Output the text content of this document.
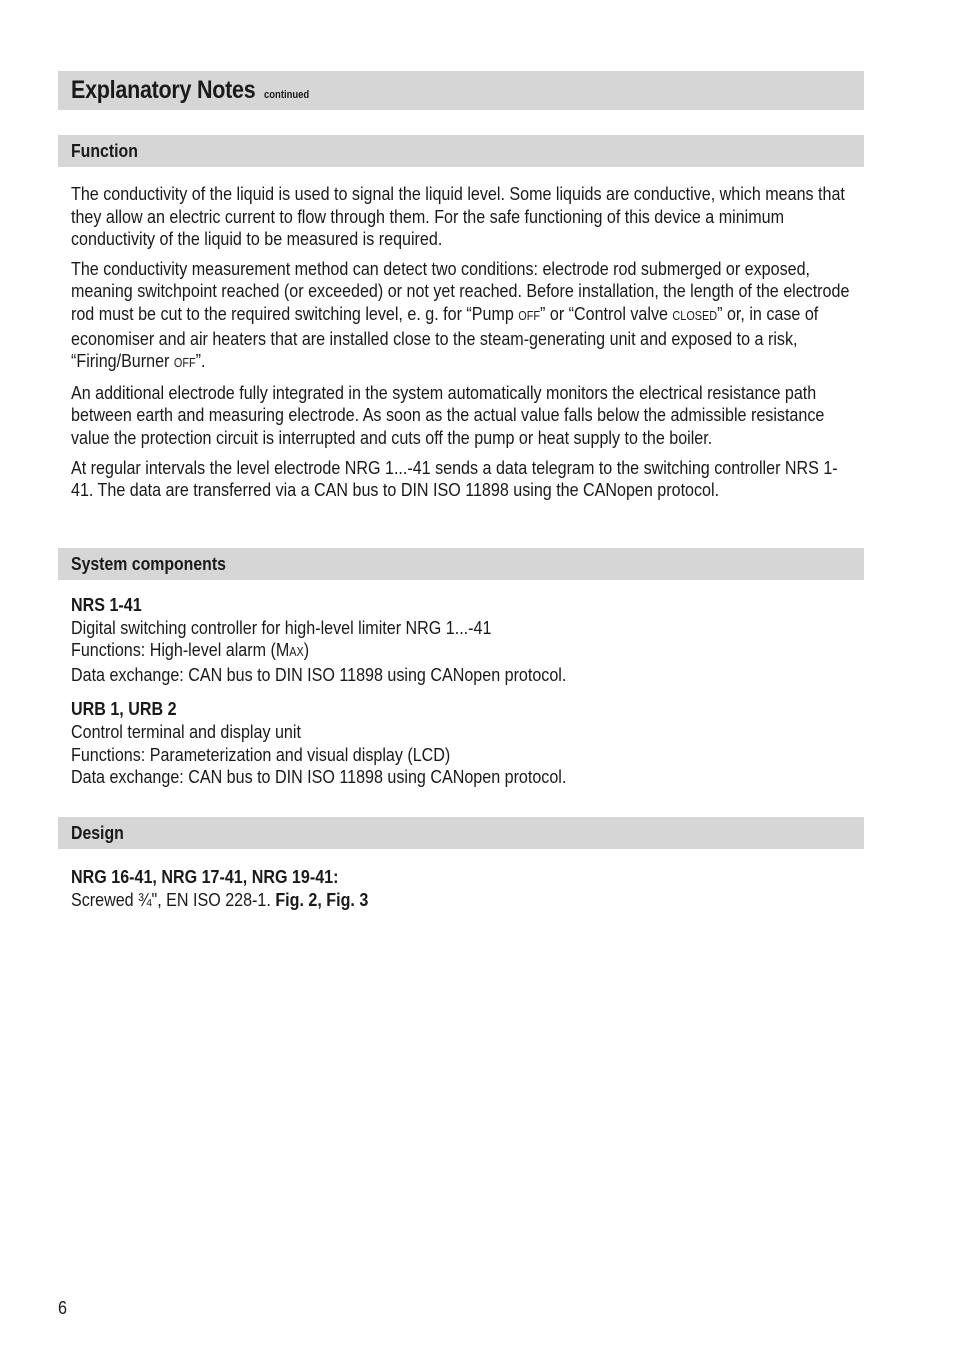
Explanatory Notes continued
Function

The conductivity of the liquid is used to signal the liquid level. Some liquids are conductive, which means that they allow an electric current to flow through them. For the safe functioning of this device a minimum conductivity of the liquid to be measured is required.

The conductivity measurement method can detect two conditions: electrode rod submerged or exposed, meaning switchpoint reached (or exceeded) or not yet reached. Before installation, the length of the electrode rod must be cut to the required switching level, e. g. for “Pump OFF” or “Control valve CLOSED” or, in case of economiser and air heaters that are installed close to the steam-generating unit and exposed to a risk, “Firing/Burner OFF”.

An additional electrode fully integrated in the system automatically monitors the electrical resistance path between earth and measuring electrode. As soon as the actual value falls below the admissible resistance value the protection circuit is interrupted and cuts off the pump or heat supply to the boiler.

At regular intervals the level electrode NRG 1...-41 sends a data telegram to the switching controller NRS 1-41. The data are transferred via a CAN bus to DIN ISO 11898 using the CANopen protocol.

System components

NRS 1-41

Digital switching controller for high-level limiter NRG 1...-41

Functions: High-level alarm (MAX)

Data exchange: CAN bus to DIN ISO 11898 using CANopen protocol.

URB 1, URB 2

Control terminal and display unit

Functions: Parameterization and visual display (LCD)

Data exchange: CAN bus to DIN ISO 11898 using CANopen protocol.

Design

NRG 16-41, NRG 17-41, NRG 19-41:

Screwed ¾", EN ISO 228-1. Fig. 2, Fig. 3

6
